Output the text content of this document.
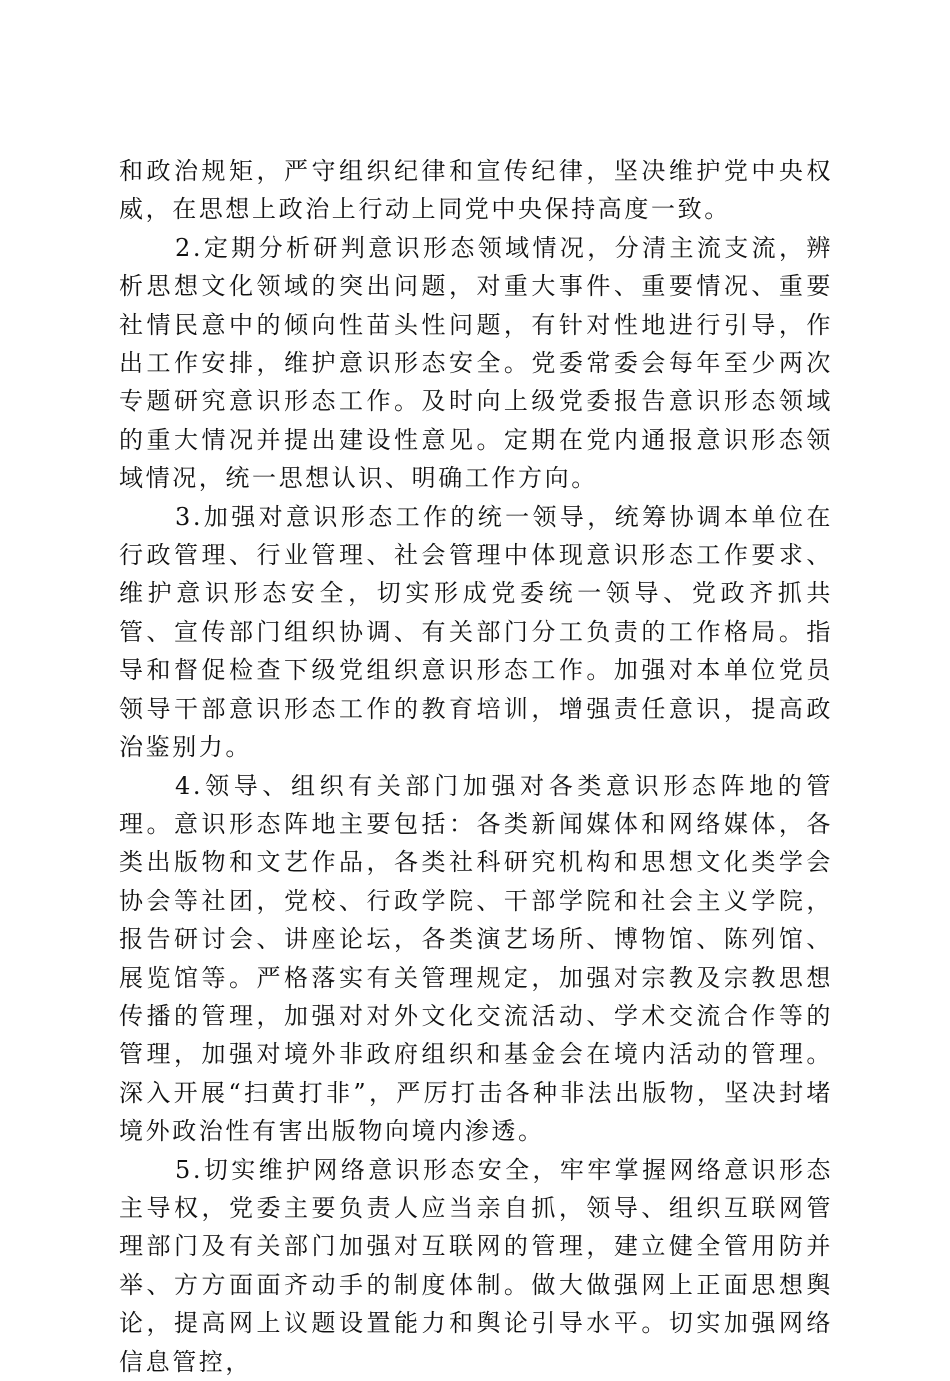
和政治规矩，严守组织纪律和宣传纪律，坚决维护党中央权威，在思想上政治上行动上同党中央保持高度一致。

2.定期分析研判意识形态领域情况，分清主流支流，辨析思想文化领域的突出问题，对重大事件、重要情况、重要社情民意中的倾向性苗头性问题，有针对性地进行引导，作出工作安排，维护意识形态安全。党委常委会每年至少两次专题研究意识形态工作。及时向上级党委报告意识形态领域的重大情况并提出建设性意见。定期在党内通报意识形态领域情况，统一思想认识、明确工作方向。

3.加强对意识形态工作的统一领导，统筹协调本单位在行政管理、行业管理、社会管理中体现意识形态工作要求、维护意识形态安全，切实形成党委统一领导、党政齐抓共管、宣传部门组织协调、有关部门分工负责的工作格局。指导和督促检查下级党组织意识形态工作。加强对本单位党员领导干部意识形态工作的教育培训，增强责任意识，提高政治鉴别力。

4.领导、组织有关部门加强对各类意识形态阵地的管理。意识形态阵地主要包括：各类新闻媒体和网络媒体，各类出版物和文艺作品，各类社科研究机构和思想文化类学会协会等社团，党校、行政学院、干部学院和社会主义学院，报告研讨会、讲座论坛，各类演艺场所、博物馆、陈列馆、展览馆等。严格落实有关管理规定，加强对宗教及宗教思想传播的管理，加强对对外文化交流活动、学术交流合作等的管理，加强对境外非政府组织和基金会在境内活动的管理。深入开展“扫黄打非”，严厉打击各种非法出版物，坚决封堵境外政治性有害出版物向境内渗透。

5.切实维护网络意识形态安全，牢牢掌握网络意识形态主导权，党委主要负责人应当亲自抓，领导、组织互联网管理部门及有关部门加强对互联网的管理，建立健全管用防并举、方方面面齐动手的制度体制。做大做强网上正面思想舆论，提高网上议题设置能力和舆论引导水平。切实加强网络信息管控，
